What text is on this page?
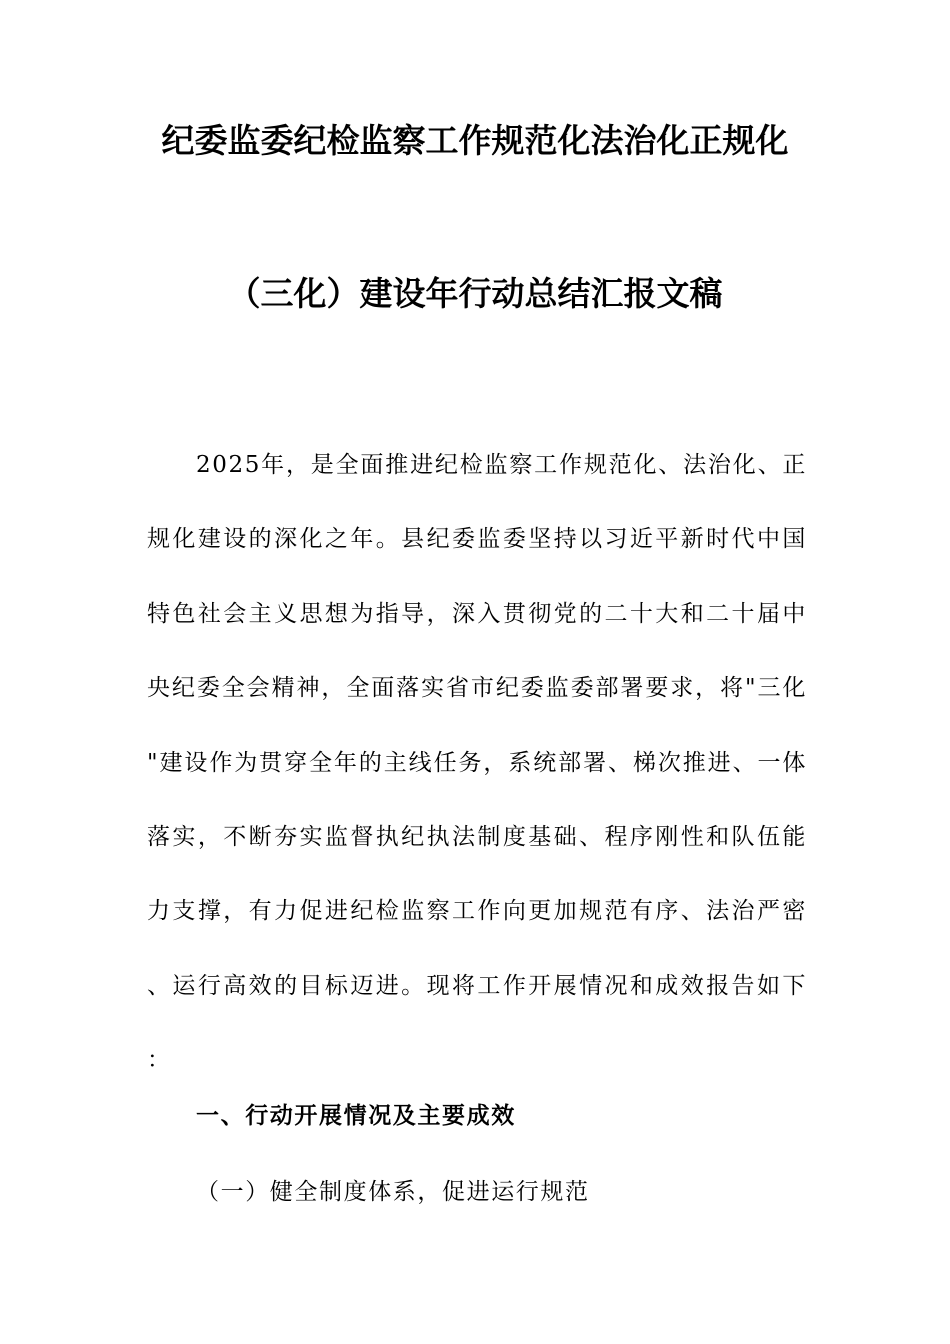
纪委监委纪检监察工作规范化法治化正规化
（三化）建设年行动总结汇报文稿

2025年，是全面推进纪检监察工作规范化、法治化、正规化建设的深化之年。县纪委监委坚持以习近平新时代中国特色社会主义思想为指导，深入贯彻党的二十大和二十届中央纪委全会精神，全面落实省市纪委监委部署要求，将"三化"建设作为贯穿全年的主线任务，系统部署、梯次推进、一体落实，不断夯实监督执纪执法制度基础、程序刚性和队伍能力支撑，有力促进纪检监察工作向更加规范有序、法治严密、运行高效的目标迈进。现将工作开展情况和成效报告如下：

一、行动开展情况及主要成效

（一）健全制度体系，促进运行规范
